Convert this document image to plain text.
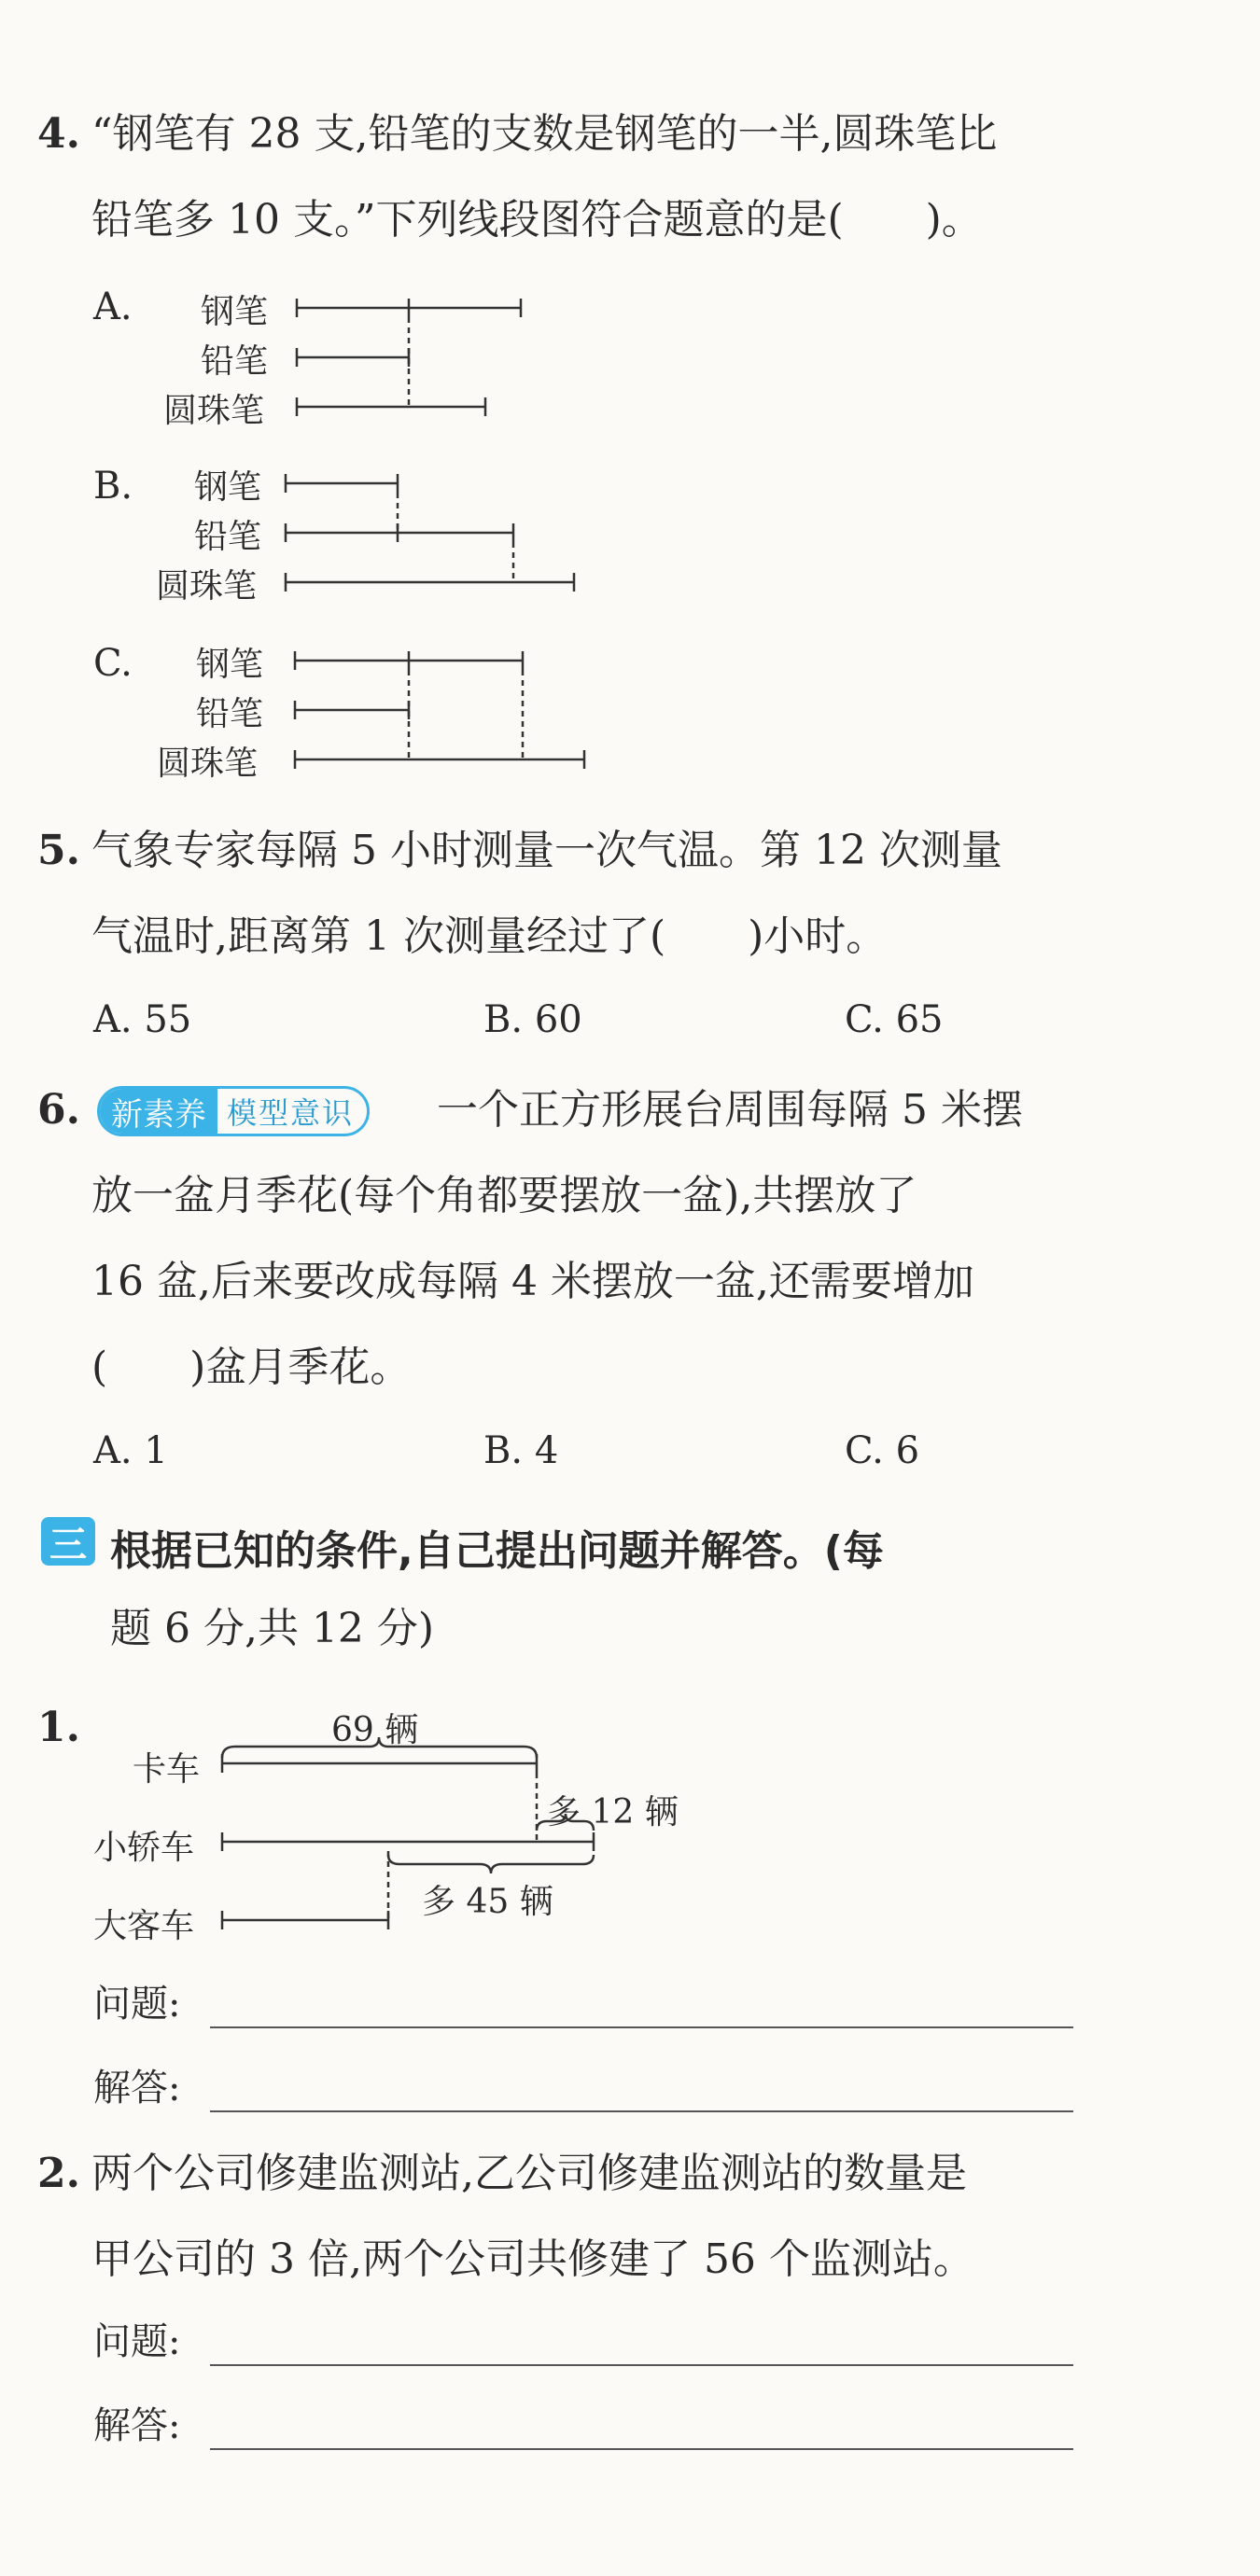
4. “钢笔有 28 支,铅笔的支数是钢笔的一半,圆珠笔比
铅笔多 10 支。”下列线段图符合题意的是(　　)。
A. 钢笔
铅笔
圆珠笔
B. 钢笔
铅笔
圆珠笔
C. 钢笔
铅笔
圆珠笔
5. 气象专家每隔 5 小时测量一次气温。第 12 次测量
气温时,距离第 1 次测量经过了(　　)小时。
A. 55	B. 60	C. 65
6. 新素养 模型意识	一个正方形展台周围每隔 5 米摆
放一盆月季花(每个角都要摆放一盆),共摆放了
16 盆,后来要改成每隔 4 米摆放一盆,还需要增加
(　　)盆月季花。
A. 1	B. 4	C. 6
三 根据已知的条件,自己提出问题并解答。(每
题 6 分,共 12 分)
1.
卡车
小轿车
大客车
69 辆
多 12 辆
多 45 辆
问题:
解答:
2. 两个公司修建监测站,乙公司修建监测站的数量是
甲公司的 3 倍,两个公司共修建了 56 个监测站。
问题:
解答:
